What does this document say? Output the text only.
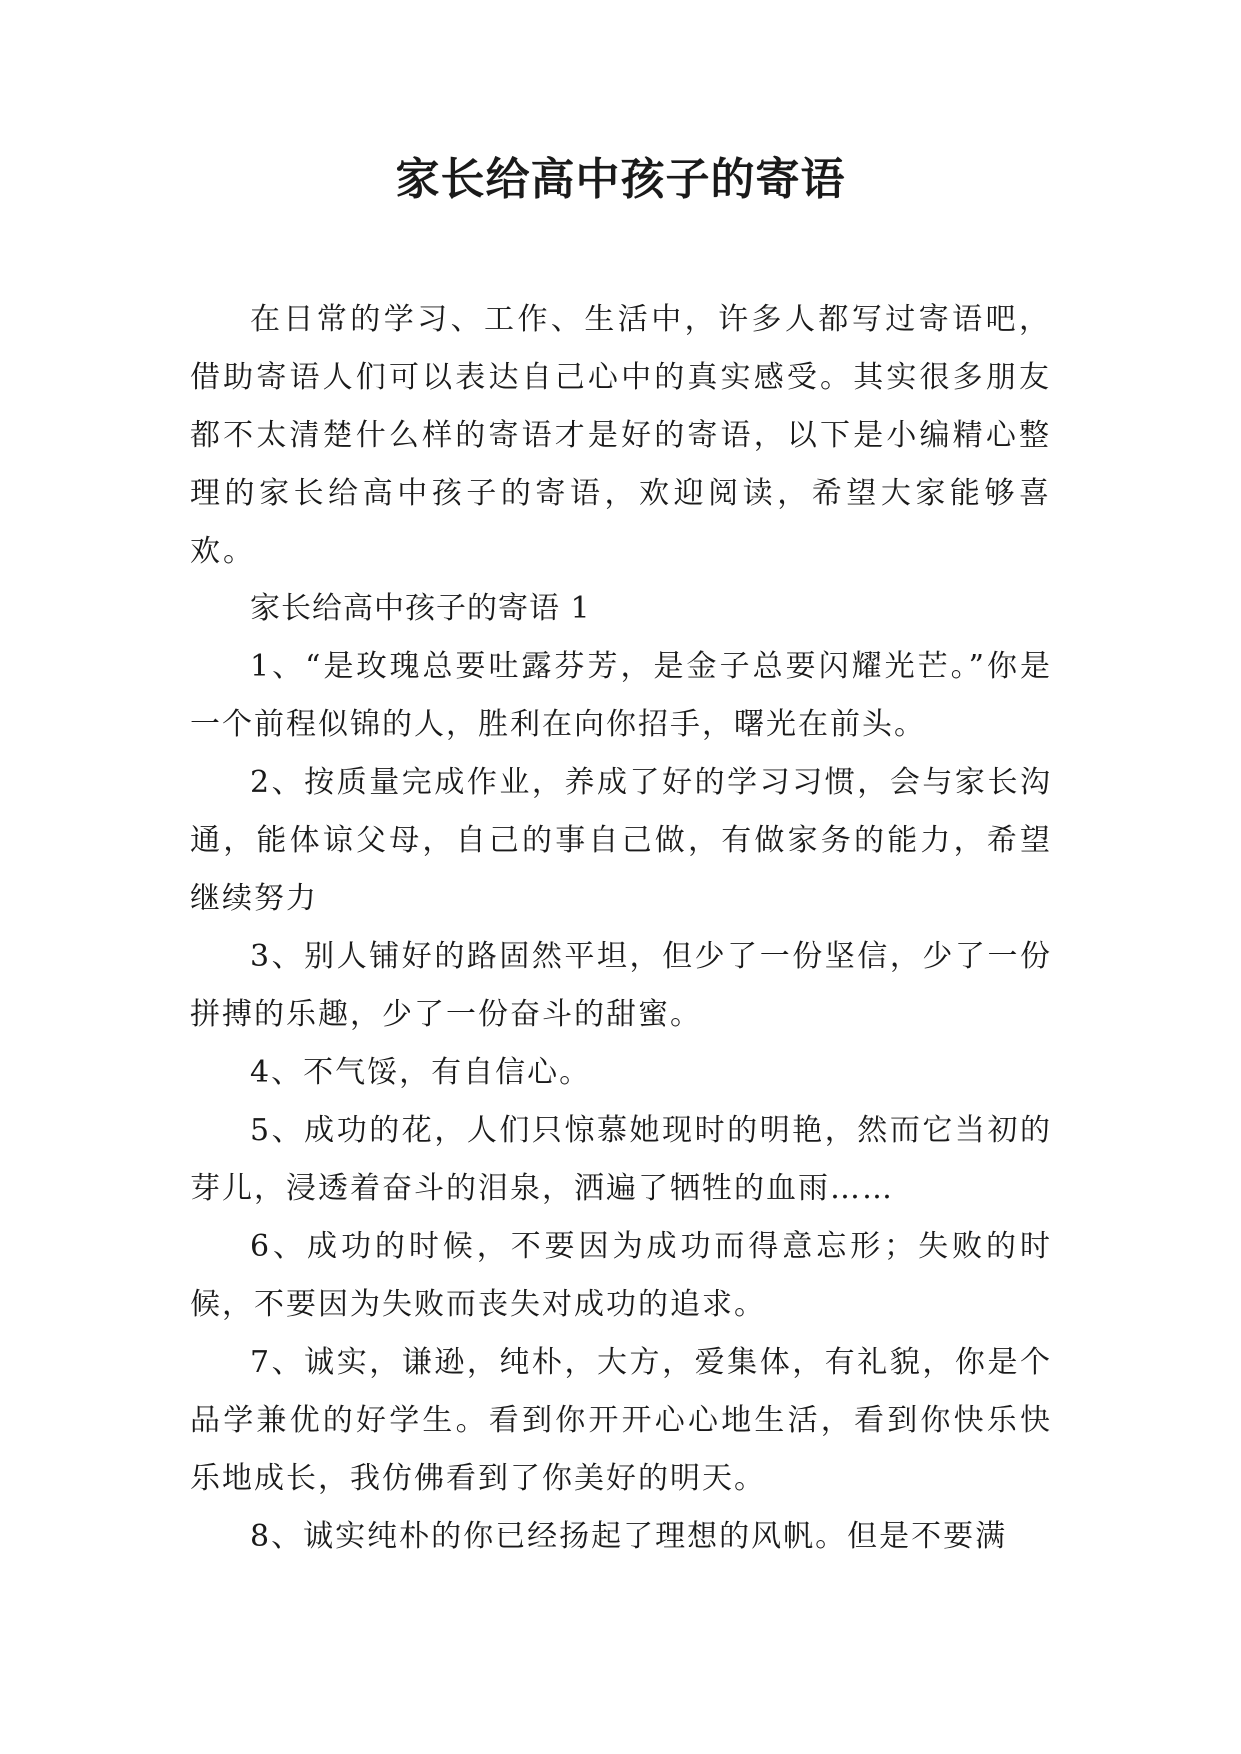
家长给高中孩子的寄语

在日常的学习、工作、生活中，许多人都写过寄语吧，借助寄语人们可以表达自己心中的真实感受。其实很多朋友都不太清楚什么样的寄语才是好的寄语，以下是小编精心整理的家长给高中孩子的寄语，欢迎阅读，希望大家能够喜欢。

家长给高中孩子的寄语 1

1、“是玫瑰总要吐露芬芳，是金子总要闪耀光芒。”你是一个前程似锦的人，胜利在向你招手，曙光在前头。

2、按质量完成作业，养成了好的学习习惯，会与家长沟通，能体谅父母，自己的事自己做，有做家务的能力，希望继续努力

3、别人铺好的路固然平坦，但少了一份坚信，少了一份拼搏的乐趣，少了一份奋斗的甜蜜。

4、不气馁，有自信心。

5、成功的花，人们只惊慕她现时的明艳，然而它当初的芽儿，浸透着奋斗的泪泉，洒遍了牺牲的血雨……

6、成功的时候，不要因为成功而得意忘形；失败的时候，不要因为失败而丧失对成功的追求。

7、诚实，谦逊，纯朴，大方，爱集体，有礼貌，你是个品学兼优的好学生。看到你开开心心地生活，看到你快乐快乐地成长，我仿佛看到了你美好的明天。

8、诚实纯朴的你已经扬起了理想的风帆。但是不要满
